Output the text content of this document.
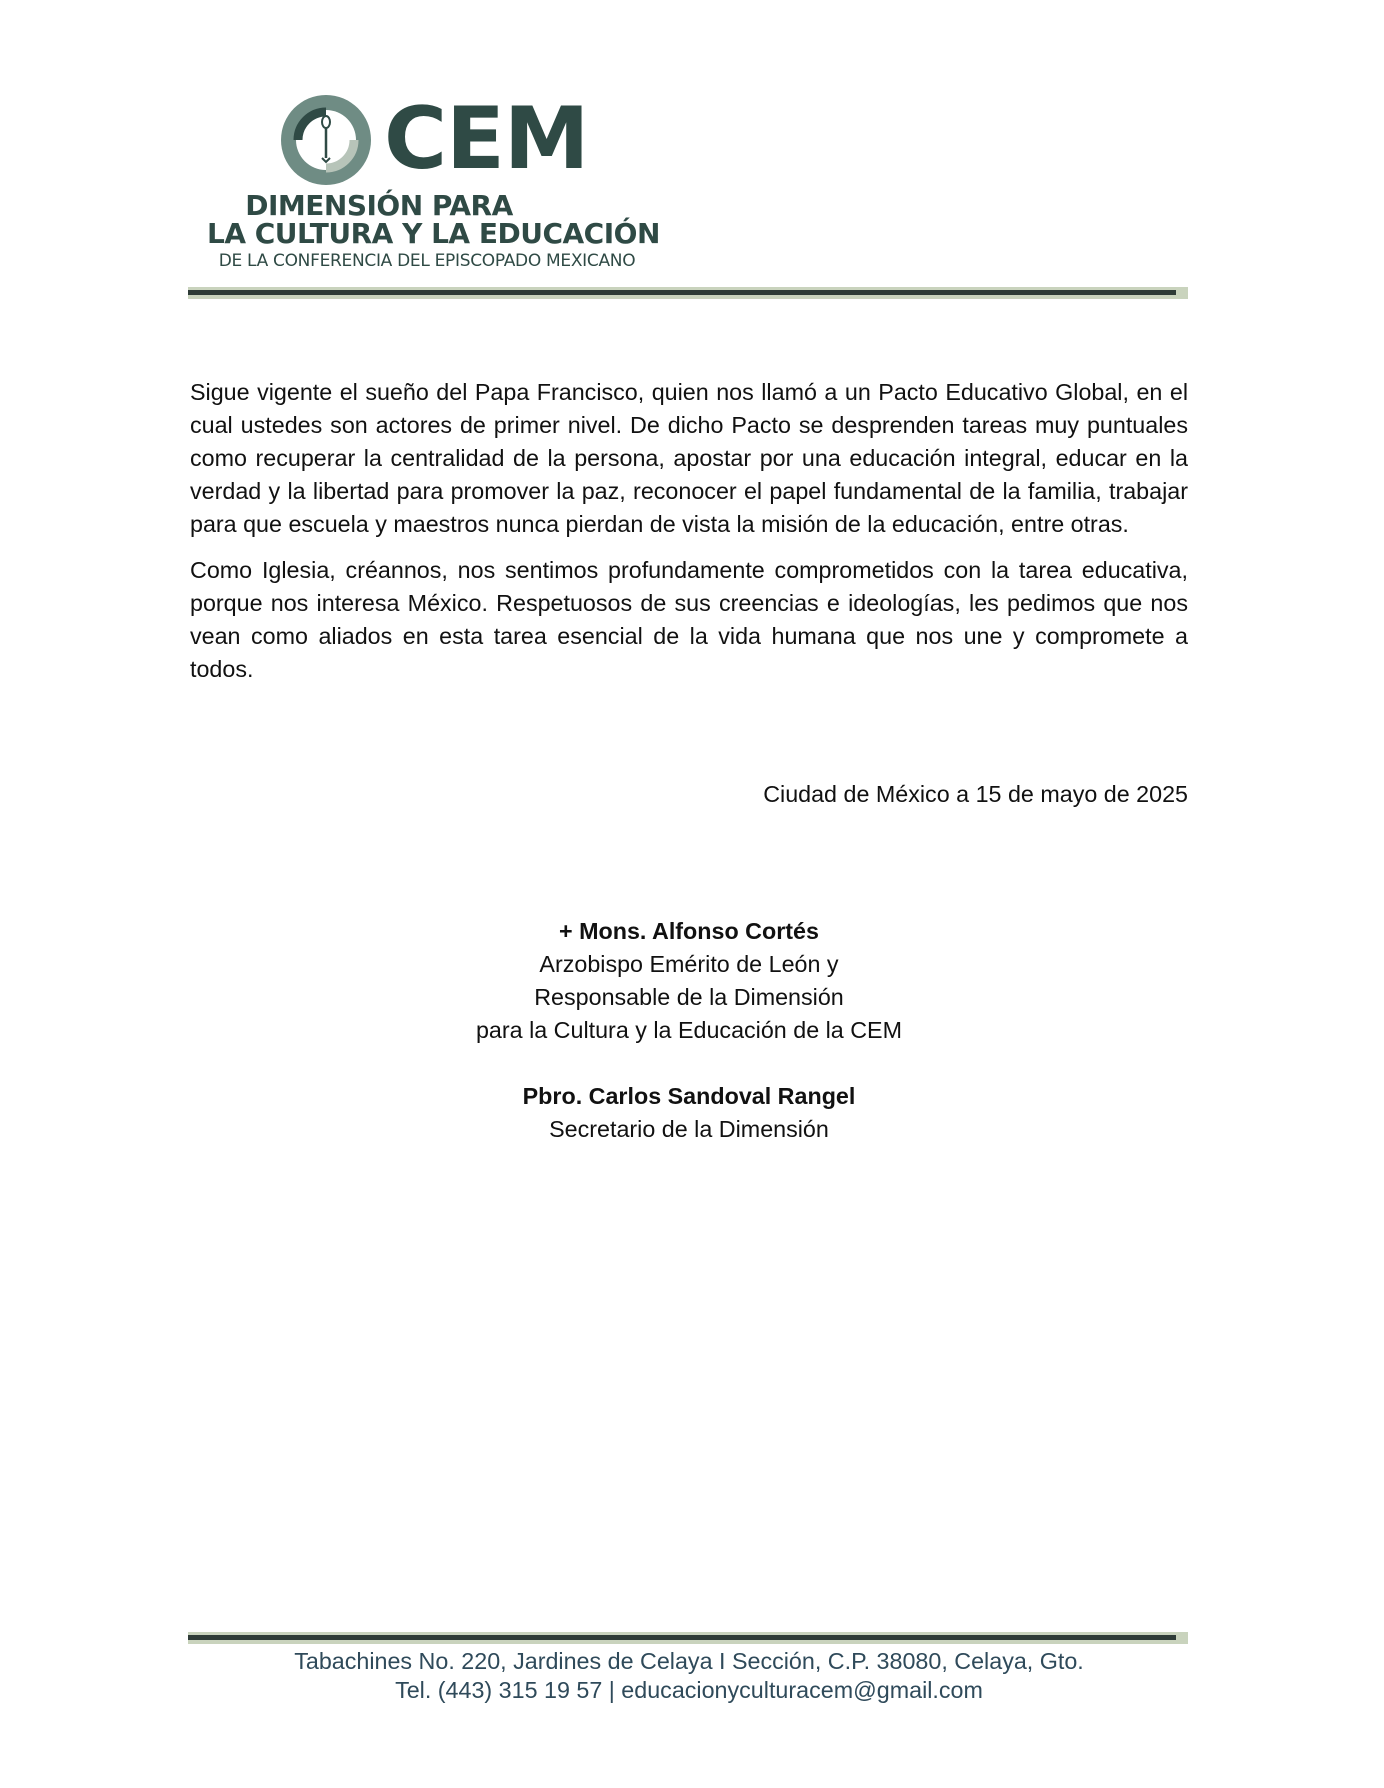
CEM
DIMENSIÓN PARA
LA CULTURA Y LA EDUCACIÓN
DE LA CONFERENCIA DEL EPISCOPADO MEXICANO

Sigue vigente el sueño del Papa Francisco, quien nos llamó a un Pacto Educativo Global, en el cual ustedes son actores de primer nivel. De dicho Pacto se desprenden tareas muy puntuales como recuperar la centralidad de la persona, apostar por una educación integral, educar en la verdad y la libertad para promover la paz, reconocer el papel fundamental de la familia, trabajar para que escuela y maestros nunca pierdan de vista la misión de la educación, entre otras.

Como Iglesia, créannos, nos sentimos profundamente comprometidos con la tarea educativa, porque nos interesa México. Respetuosos de sus creencias e ideologías, les pedimos que nos vean como aliados en esta tarea esencial de la vida humana que nos une y compromete a todos.

Ciudad de México a 15 de mayo de 2025
+ Mons. Alfonso Cortés
Arzobispo Emérito de León y
Responsable de la Dimensión
para la Cultura y la Educación de la CEM
Pbro. Carlos Sandoval Rangel
Secretario de la Dimensión
Tabachines No. 220, Jardines de Celaya I Sección, C.P. 38080, Celaya, Gto.
Tel. (443) 315 19 57 | educacionyculturacem@gmail.com
